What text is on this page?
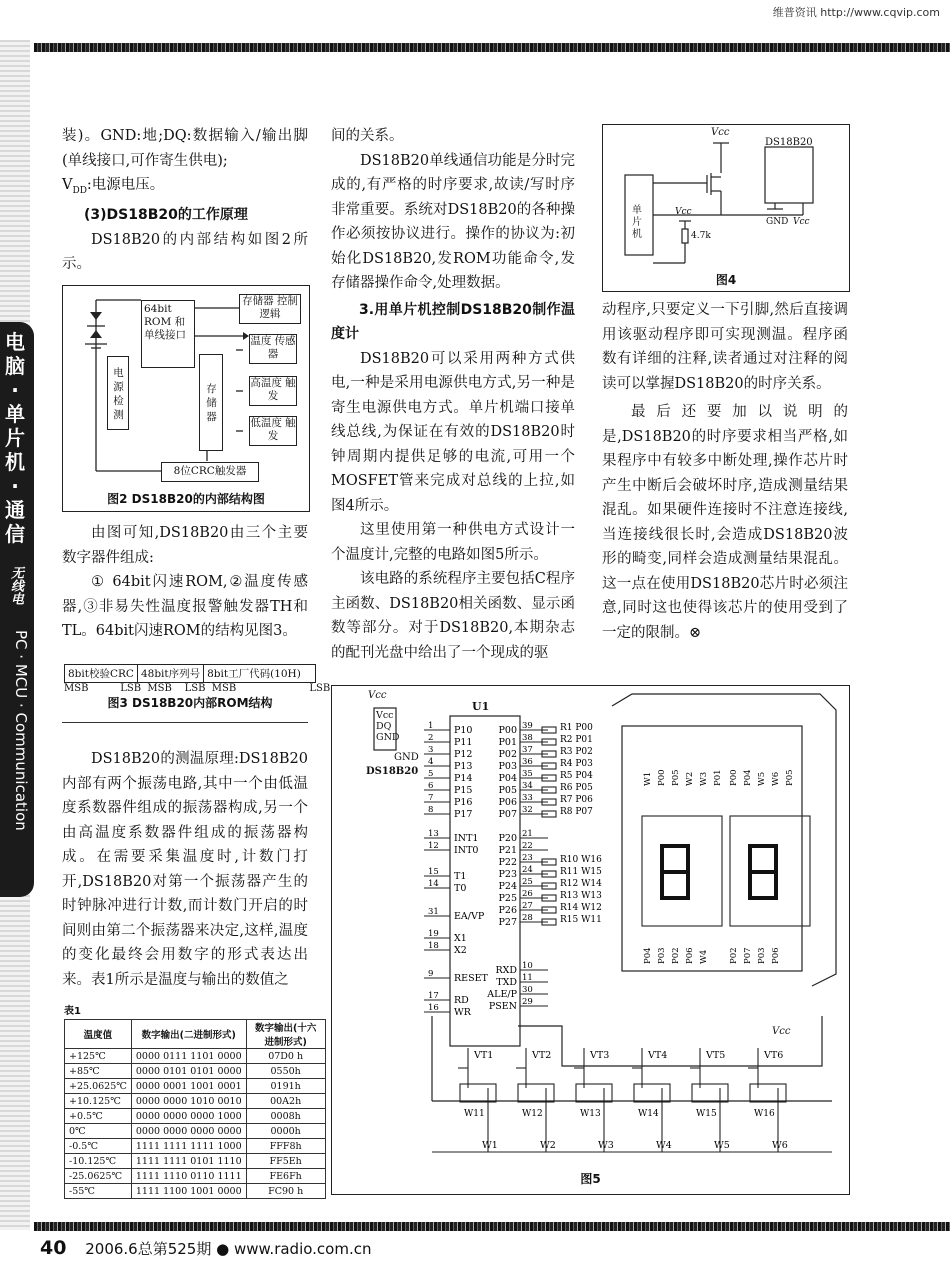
维普资讯 http://www.cqvip.com
电
脑
·
单
片
机
·
通
信
无线电
PC · MCU · Communication

装)。GND:地;DQ:数据输入/输出脚(单线接口,可作寄生供电);

$V_{DD}$:电源电压。

(3)DS18B20的工作原理

DS18B20的内部结构如图2所示。

存储器 控制逻辑
64bit ROM 和单线接口	温度 传感器
高温度 触发
低温度 触发
存 储 器
电 源 检 测
8位CRC触发器
图2 DS18B20的内部结构图

由图可知,DS18B20由三个主要数字器件组成:

① 64bit闪速ROM,②温度传感器,③非易失性温度报警触发器TH和TL。64bit闪速ROM的结构见图3。

8bit校验CRC 48bit序列号 8bit工厂代码(10H)
MSB          LSB  MSB    LSB  MSB                       LSB
图3 DS18B20内部ROM结构

DS18B20的测温原理:DS18B20内部有两个振荡电路,其中一个由低温度系数器件组成的振荡器构成,另一个由高温度系数器件组成的振荡器构成。在需要采集温度时,计数门打开,DS18B20对第一个振荡器产生的时钟脉冲进行计数,而计数门开启的时间则由第二个振荡器来决定,这样,温度的变化最终会用数字的形式表达出来。表1所示是温度与输出的数值之

表1
温度值	数字输出(二进制形式)	数字输出(十六进制形式)
+125℃	0000 0111 1101 0000	07D0 h
+85℃	0000 0101 0101 0000	0550h
+25.0625℃	0000 0001 1001 0001	0191h
+10.125℃	0000 0000 1010 0010	00A2h
+0.5℃	0000 0000 0000 1000	0008h
0℃	0000 0000 0000 0000	0000h
-0.5℃	1111 1111 1111 1000	FFF8h
-10.125℃	1111 1111 0101 1110	FF5Eh
-25.0625℃	1111 1110 0110 1111	FE6Fh
-55℃	1111 1100 1001 0000	FC90 h

间的关系。

DS18B20单线通信功能是分时完成的,有严格的时序要求,故读/写时序非常重要。系统对DS18B20的各种操作必须按协议进行。操作的协议为:初始化DS18B20,发ROM功能命令,发存储器操作命令,处理数据。

3.用单片机控制DS18B20制作温度计

DS18B20可以采用两种方式供电,一种是采用电源供电方式,另一种是寄生电源供电方式。单片机端口接单线总线,为保证在有效的DS18B20时钟周期内提供足够的电流,可用一个MOSFET管来完成对总线的上拉,如图4所示。

这里使用第一种供电方式设计一个温度计,完整的电路如图5所示。

该电路的系统程序主要包括C程序主函数、DS18B20相关函数、显示函数等部分。对于DS18B20,本期杂志的配刊光盘中给出了一个现成的驱

Vcc
DS18B20
单 片 机
Vcc
4.7k
GND Vcc
图4

动程序,只要定义一下引脚,然后直接调用该驱动程序即可实现测温。程序函数有详细的注释,读者通过对注释的阅读可以掌握DS18B20的时序关系。

最后还要加以说明的是,DS18B20的时序要求相当严格,如果程序中有较多中断处理,操作芯片时产生中断后会破坏时序,造成测量结果混乱。如果硬件连接时不注意连接线,当连接线很长时,会造成DS18B20波形的畸变,同样会造成测量结果混乱。这一点在使用DS18B20芯片时必须注意,同时这也使得该芯片的使用受到了一定的限制。⊗

P10
1
P11
2
P12
3
P13
4
P14
5
P15
6
P16
7
P17
8
INT1
13
INT0
12
T1
15
T0
14
EA/VP
31
X1
19
X2
18
RESET
9
RD
17
WR
16
P00 39
P01 38
P02 37
P03 36
P04 35
P05 34
P06 33
P07 32
P20 21
P21 22
P22 23
P23 24
P24 25
P25 26
P26 27
P27 28
RXD 10
TXD 11
ALE/P 30
PSEN 29
R1 P00
R2 P01
R3 P02
R4 P03
R5 P04
R6 P05
R7 P06
R8 P07
R10 W16
R11 W15
R12 W14
R13 W13
R14 W12
R15 W11
W1 P00 P05 W2 W3 P01 P00 P04 W5 W6 P05
P04 P03 P02 P06 W4 P02 P07 P03 P06
VT1
W11
W1
VT2
W12
W2
VT3
W13
W3
VT4
W14
W4
VT5
W15
W5
VT6
W16
W6
U1
Vcc
Vcc
DQ
GND
GND
DS18B20
Vcc
图5
40 2006.6总第525期 ● www.radio.com.cn
